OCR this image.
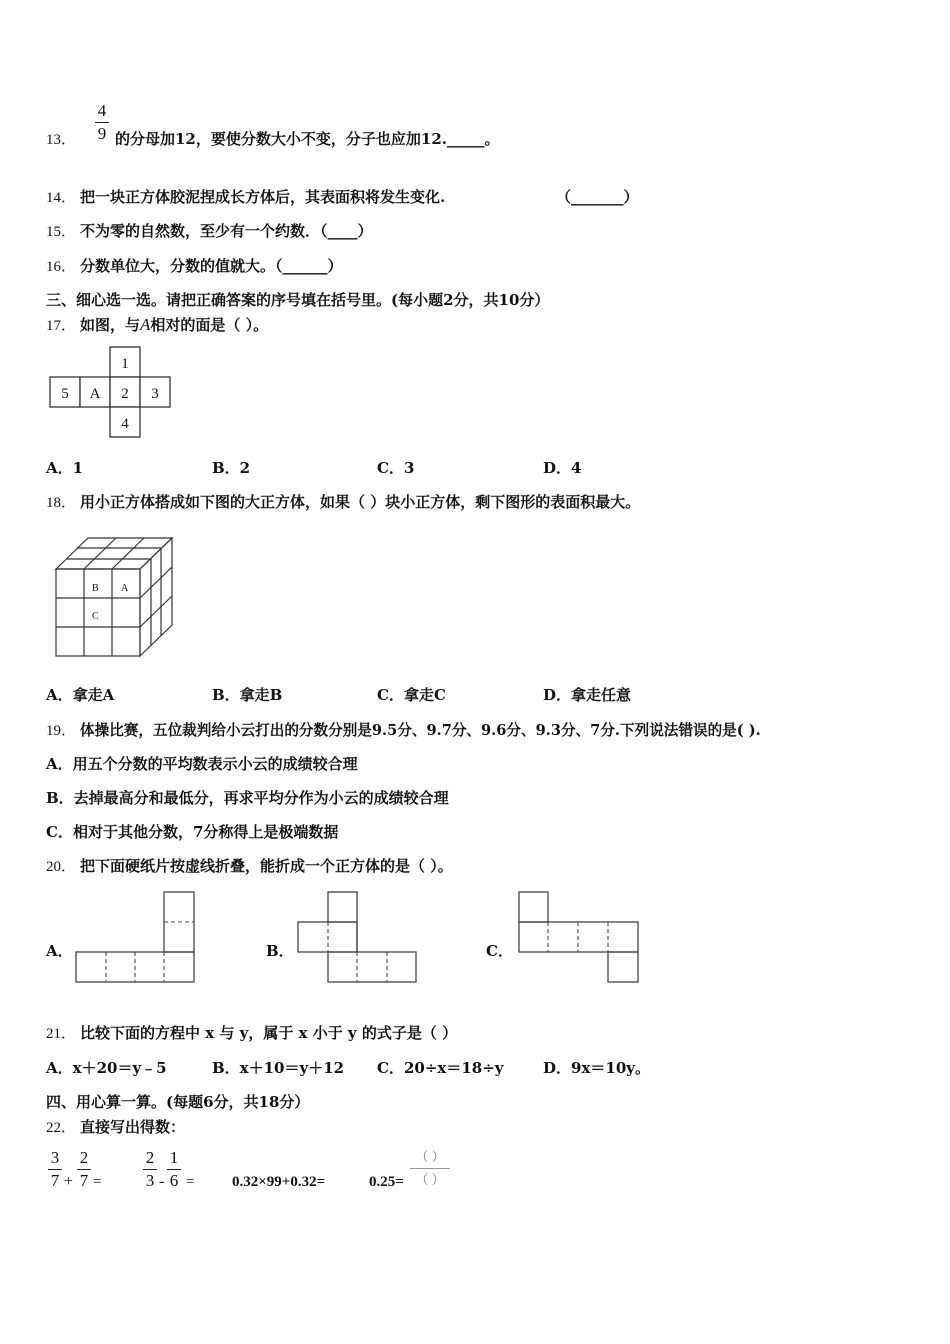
13．
4
9 的分母加12，要使分数大小不变，分子也应加12._____。
14． 把一块正方体胶泥捏成长方体后，其表面积将发生变化.	（_______）
15． 不为零的自然数，至少有一个约数．（____）
16． 分数单位大，分数的值就大。（______）
三、细心选一选。请把正确答案的序号填在括号里。(每小题2分，共10分）
17． 如图，与A相对的面是（ ）。
1
5 A 2 3
4
A．1	B．2	C．3	D．4
18． 用小正方体搭成如下图的大正方体，如果（ ）块小正方体，剩下图形的表面积最大。
B A
C
A．拿走A	B．拿走B	C．拿走C	D．拿走任意
19． 体操比赛，五位裁判给小云打出的分数分别是9.5分、9.7分、9.6分、9.3分、7分.下列说法错误的是( ).
A．用五个分数的平均数表示小云的成绩较合理
B．去掉最高分和最低分，再求平均分作为小云的成绩较合理
C．相对于其他分数，7分称得上是极端数据
20． 把下面硬纸片按虚线折叠，能折成一个正方体的是（ ）。
A．	B．	C．
21． 比较下面的方程中 x 与 y，属于 x 小于 y 的式子是（ ）
A．x＋20＝y﹣5	B．x＋10＝y＋12 C．20÷x＝18÷y	D．9x＝10y。
四、用心算一算。(每题6分，共18分）
22． 直接写出得数：
3
7 +
2
7 =
2
3 -
1
6 =	0.32×99+0.32=	0.25=
（ ）
（ ）
